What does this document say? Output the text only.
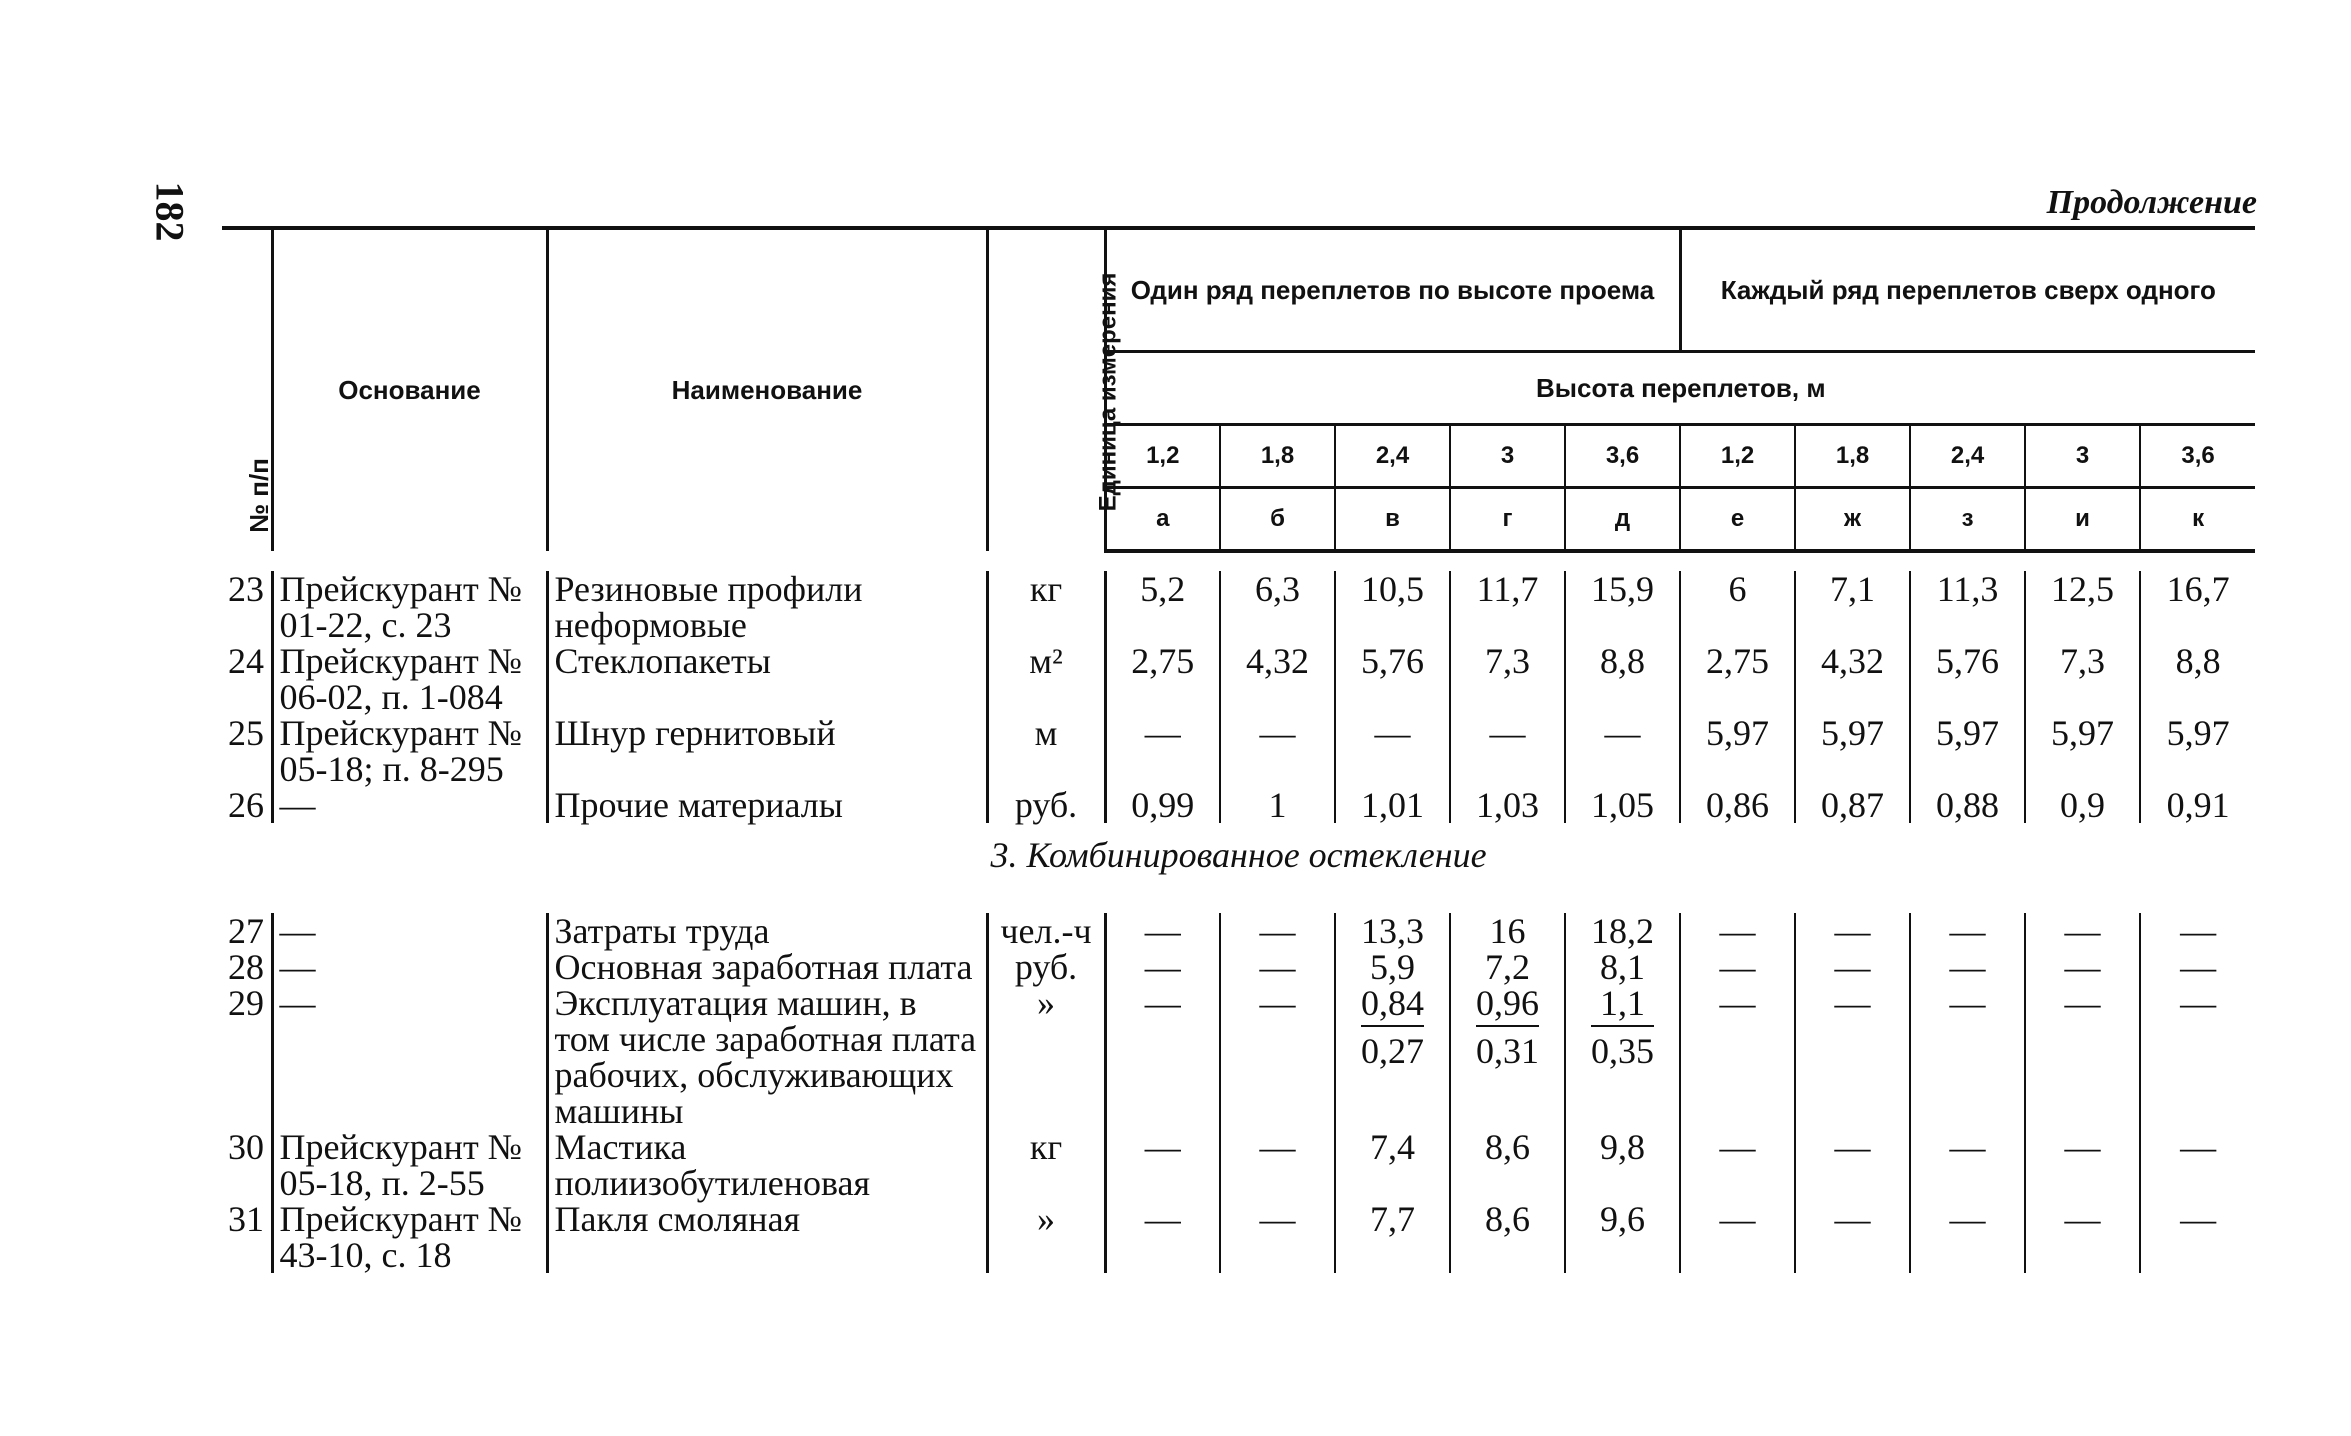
182	Продолжение
№ п/п	Основание	Наименование	Единица измерения	Один ряд переплетов по высоте проема					Каждый ряд переплетов сверх одного				
				Высота переплетов, м									
				1,2	1,8	2,4	3	3,6	1,2	1,8	2,4	3	3,6
				а	б	в	г	д	е	ж	з	и	к

23	Прейскурант № 01-22, с. 23	Резиновые профили неформовые	кг	5,2	6,3	10,5	11,7	15,9	6	7,1	11,3	12,5	16,7
24	Прейскурант № 06-02, п. 1-084	Стеклопакеты	м²	2,75	4,32	5,76	7,3	8,8	2,75	4,32	5,76	7,3	8,8
25	Прейскурант № 05-18; п. 8-295	Шнур гернитовый	м	—	—	—	—	—	5,97	5,97	5,97	5,97	5,97
26	—	Прочие материалы	руб.	0,99	1	1,01	1,03	1,05	0,86	0,87	0,88	0,9	0,91
3. Комбинированное остекление													
27	—	Затраты труда	чел.-ч	—	—	13,3	16	18,2	—	—	—	—	—
28	—	Основная заработная плата	руб.	—	—	5,9	7,2	8,1	—	—	—	—	—
29	—	Эксплуатация машин, в том числе заработная плата рабочих, обслуживающих машины	»	—	—	$\frac{0,84}{0,27}$	$\frac{0,96}{0,31}$	$\frac{1,1}{0,35}$	—	—	—	—	—
30	Прейскурант № 05-18, п. 2-55	Мастика полиизобутиленовая	кг	—	—	7,4	8,6	9,8	—	—	—	—	—
31	Прейскурант № 43-10, с. 18	Пакля смоляная	»	—	—	7,7	8,6	9,6	—	—	—	—	—
